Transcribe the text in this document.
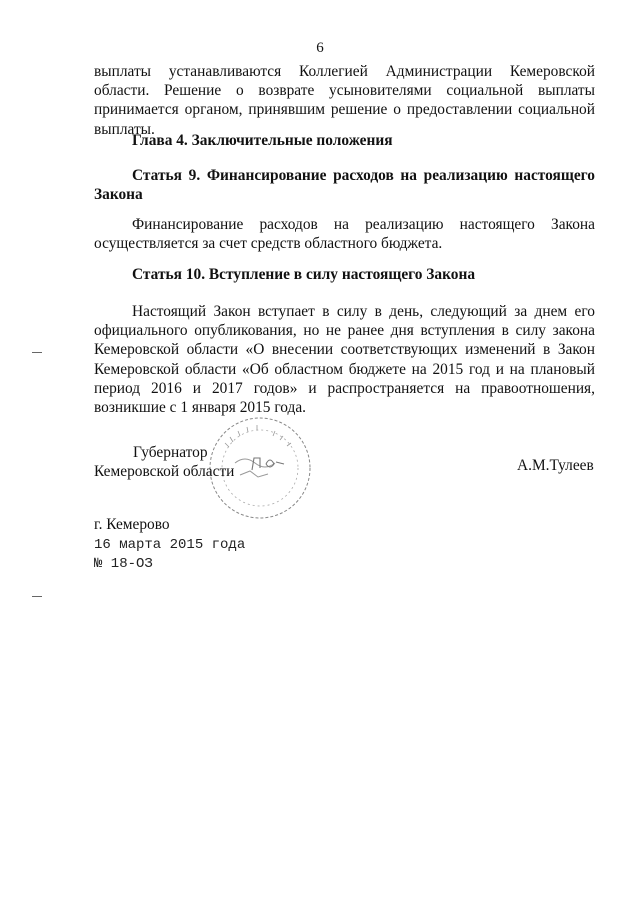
6

выплаты устанавливаются Коллегией Администрации Кемеровской области. Решение о возврате усыновителями социальной выплаты принимается органом, принявшим решение о предоставлении социальной выплаты.

Глава 4. Заключительные положения

Статья 9. Финансирование расходов на реализацию настоящего Закона

Финансирование расходов на реализацию настоящего Закона осуществляется за счет средств областного бюджета.

Статья 10. Вступление в силу настоящего Закона

Настоящий Закон вступает в силу в день, следующий за днем его официального опубликования, но не ранее дня вступления в силу закона Кемеровской области «О внесении соответствующих изменений в Закон Кемеровской области «Об областном бюджете на 2015 год и на плановый период 2016 и 2017 годов» и распространяется на правоотношения, возникшие с 1 января 2015 года.

Губернатор
Кемеровской области	А.М.Тулеев
г. Кемерово
16 марта 2015 года
№ 18-ОЗ
